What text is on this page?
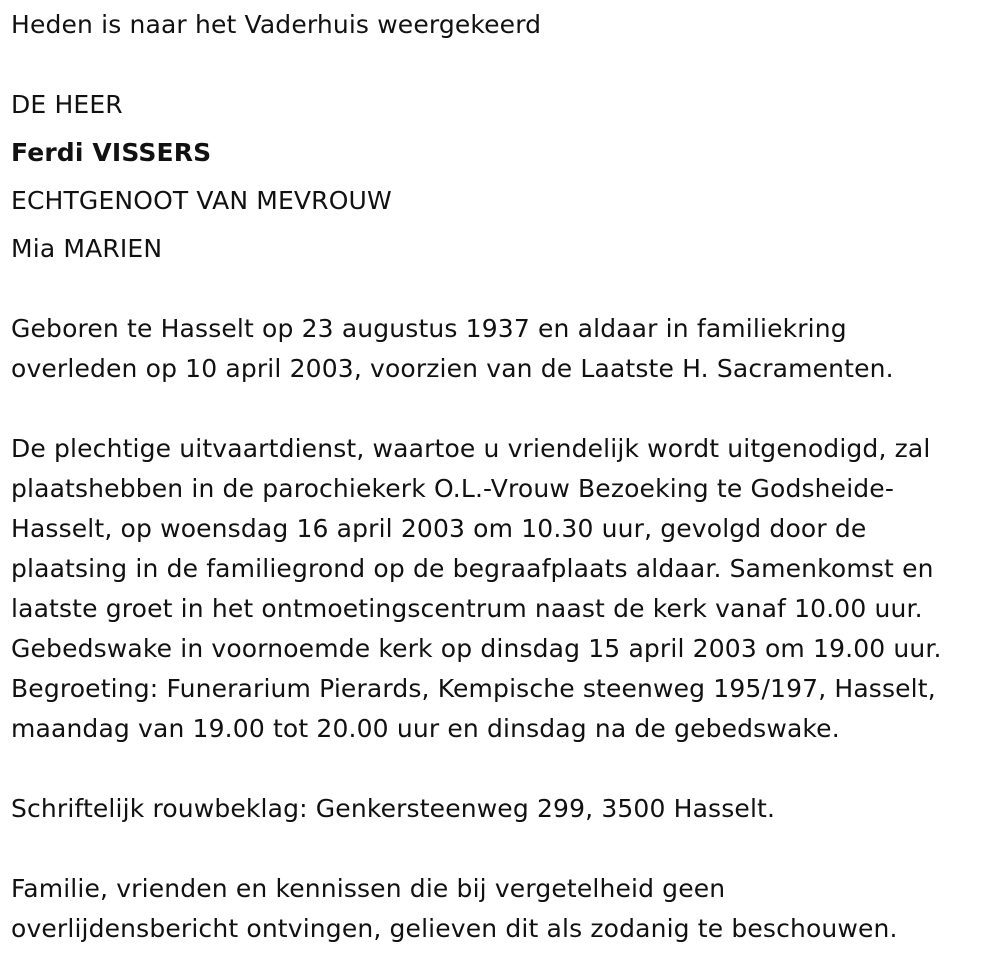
Heden is naar het Vaderhuis weergekeerd
DE HEER
Ferdi VISSERS
ECHTGENOOT VAN MEVROUW
Mia MARIEN
Geboren te Hasselt op 23 augustus 1937 en aldaar in familiekring
overleden op 10 april 2003, voorzien van de Laatste H. Sacramenten.
De plechtige uitvaartdienst, waartoe u vriendelijk wordt uitgenodigd, zal
plaatshebben in de parochiekerk O.L.-Vrouw Bezoeking te Godsheide-
Hasselt, op woensdag 16 april 2003 om 10.30 uur, gevolgd door de
plaatsing in de familiegrond op de begraafplaats aldaar. Samenkomst en
laatste groet in het ontmoetingscentrum naast de kerk vanaf 10.00 uur.
Gebedswake in voornoemde kerk op dinsdag 15 april 2003 om 19.00 uur.
Begroeting: Funerarium Pierards, Kempische steenweg 195/197, Hasselt,
maandag van 19.00 tot 20.00 uur en dinsdag na de gebedswake.
Schriftelijk rouwbeklag: Genkersteenweg 299, 3500 Hasselt.
Familie, vrienden en kennissen die bij vergetelheid geen
overlijdensbericht ontvingen, gelieven dit als zodanig te beschouwen.
